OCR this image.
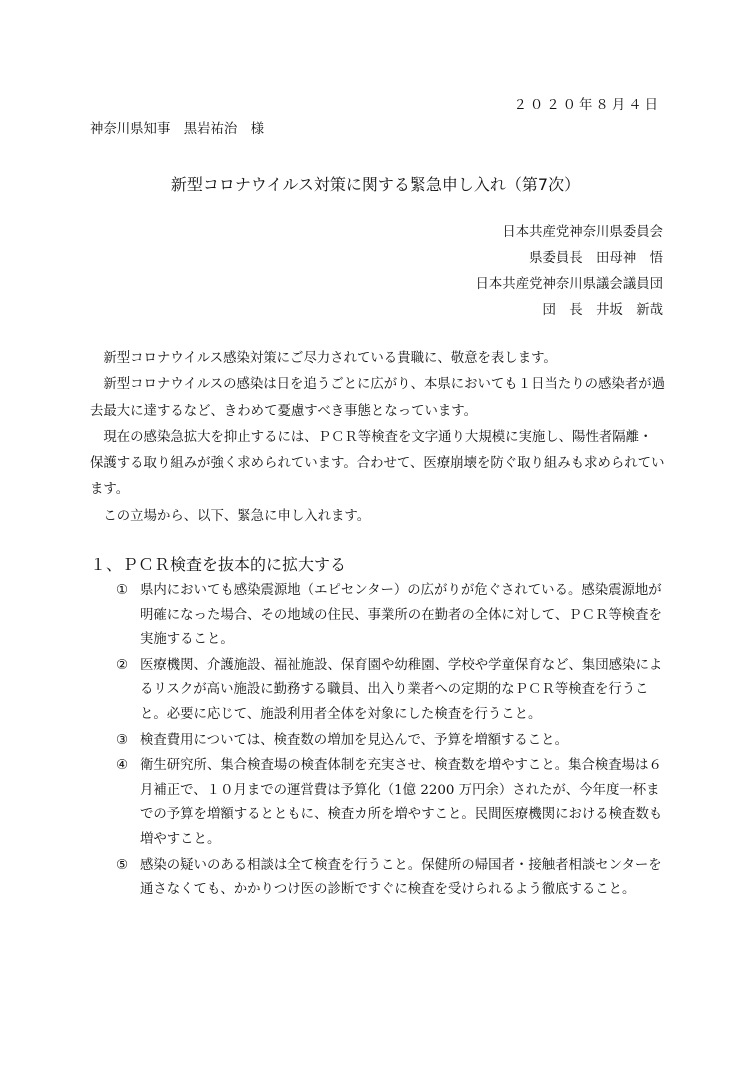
２０２０年８月４日
神奈川県知事　黒岩祐治　様
新型コロナウイルス対策に関する緊急申し入れ（第7次）
日本共産党神奈川県委員会
県委員長　田母神　悟
日本共産党神奈川県議会議員団
団　長　井坂　新哉

新型コロナウイルス感染対策にご尽力されている貴職に、敬意を表します。

新型コロナウイルスの感染は日を追うごとに広がり、本県においても１日当たりの感染者が過去最大に達するなど、きわめて憂慮すべき事態となっています。

現在の感染急拡大を抑止するには、ＰＣＲ等検査を文字通り大規模に実施し、陽性者隔離・保護する取り組みが強く求められています。合わせて、医療崩壊を防ぐ取り組みも求められています。

この立場から、以下、緊急に申し入れます。

１、ＰＣＲ検査を抜本的に拡大する
① 県内においても感染震源地（エピセンター）の広がりが危ぐされている。感染震源地が明確になった場合、その地域の住民、事業所の在勤者の全体に対して、ＰＣＲ等検査を実施すること。
② 医療機関、介護施設、福祉施設、保育園や幼稚園、学校や学童保育など、集団感染によるリスクが高い施設に勤務する職員、出入り業者への定期的なＰＣＲ等検査を行うこと。必要に応じて、施設利用者全体を対象にした検査を行うこと。
③ 検査費用については、検査数の増加を見込んで、予算を増額すること。
④ 衛生研究所、集合検査場の検査体制を充実させ、検査数を増やすこと。集合検査場は６月補正で、１０月までの運営費は予算化（1億 2200 万円余）されたが、今年度一杯までの予算を増額するとともに、検査カ所を増やすこと。民間医療機関における検査数も増やすこと。
⑤ 感染の疑いのある相談は全て検査を行うこと。保健所の帰国者・接触者相談センターを通さなくても、かかりつけ医の診断ですぐに検査を受けられるよう徹底すること。
